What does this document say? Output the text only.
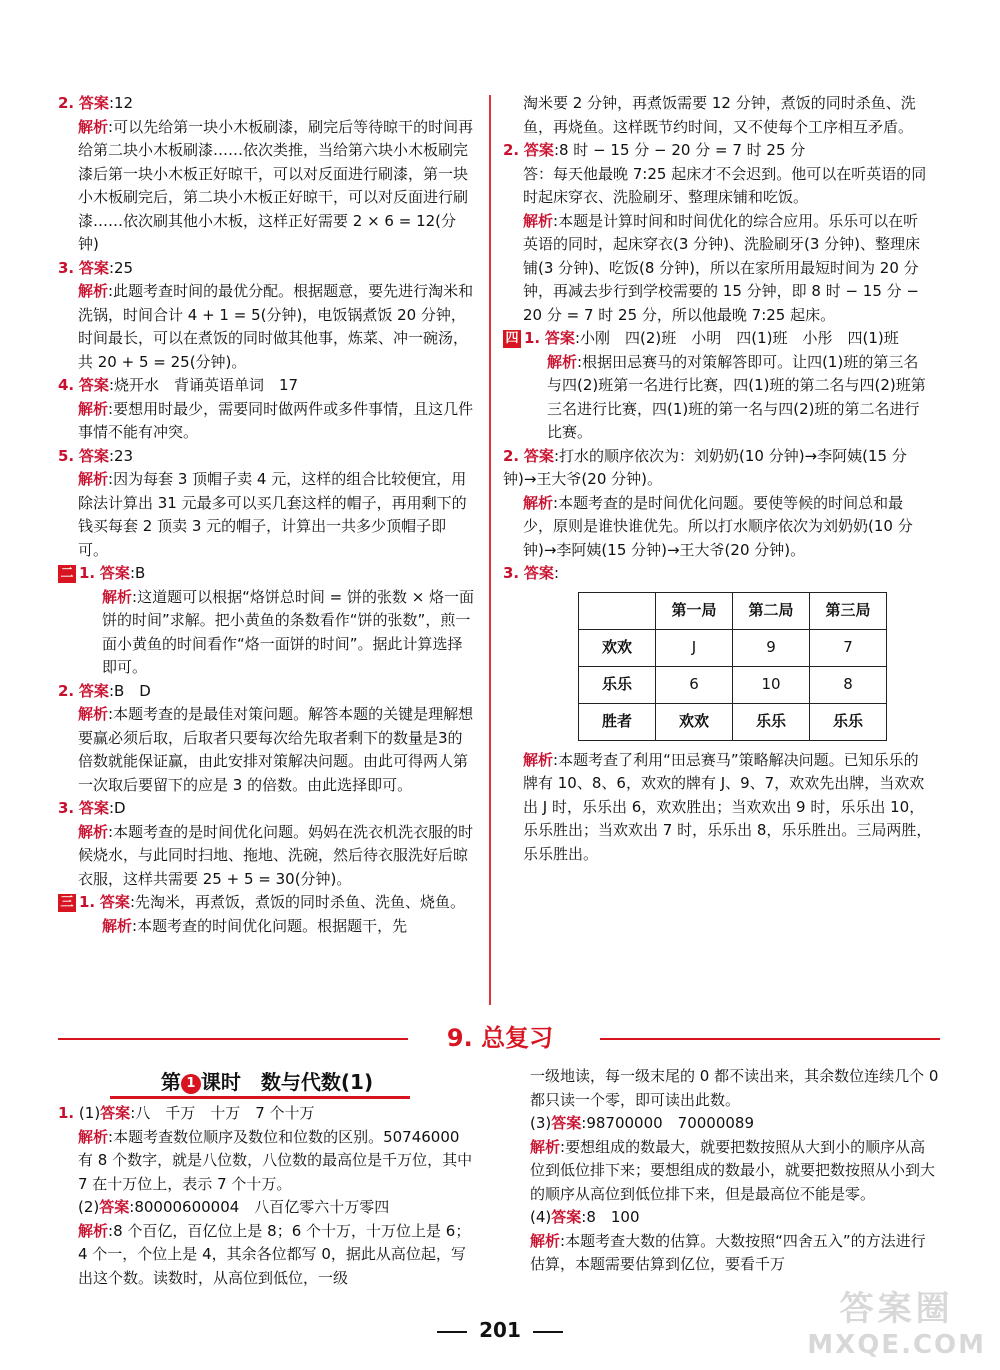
2. 答案:12
解析:可以先给第一块小木板刷漆，刷完后等待晾干的时间再给第二块小木板刷漆……依次类推，当给第六块小木板刷完漆后第一块小木板正好晾干，可以对反面进行刷漆，第一块小木板刷完后，第二块小木板正好晾干，可以对反面进行刷漆……依次刷其他小木板，这样正好需要 2 × 6 = 12(分钟)
3. 答案:25
解析:此题考查时间的最优分配。根据题意，要先进行淘米和洗锅，时间合计 4 + 1 = 5(分钟)，电饭锅煮饭 20 分钟，时间最长，可以在煮饭的同时做其他事，炼菜、冲一碗汤，共 20 + 5 = 25(分钟)。
4. 答案:烧开水　背诵英语单词　17
解析:要想用时最少，需要同时做两件或多件事情，且这几件事情不能有冲突。
5. 答案:23
解析:因为每套 3 顶帽子卖 4 元，这样的组合比较便宜，用除法计算出 31 元最多可以买几套这样的帽子，再用剩下的钱买每套 2 顶卖 3 元的帽子，计算出一共多少顶帽子即可。
二 1. 答案:B
解析:这道题可以根据“烙饼总时间 = 饼的张数 × 烙一面饼的时间”求解。把小黄鱼的条数看作“饼的张数”，煎一面小黄鱼的时间看作“烙一面饼的时间”。据此计算选择即可。
2. 答案:B　D
解析:本题考查的是最佳对策问题。解答本题的关键是理解想要赢必须后取，后取者只要每次给先取者剩下的数量是3的倍数就能保证赢，由此安排对策解决问题。由此可得两人第一次取后要留下的应是 3 的倍数。由此选择即可。
3. 答案:D
解析:本题考查的是时间优化问题。妈妈在洗衣机洗衣服的时候烧水，与此同时扫地、拖地、洗碗，然后待衣服洗好后晾衣服，这样共需要 25 + 5 = 30(分钟)。
三 1. 答案:先淘米，再煮饭，煮饭的同时杀鱼、洗鱼、烧鱼。
解析:本题考查的时间优化问题。根据题干，先
淘米要 2 分钟，再煮饭需要 12 分钟，煮饭的同时杀鱼、洗鱼，再烧鱼。这样既节约时间，又不使每个工序相互矛盾。
2. 答案:8 时 − 15 分 − 20 分 = 7 时 25 分
答：每天他最晚 7:25 起床才不会迟到。他可以在听英语的同时起床穿衣、洗脸刷牙、整理床铺和吃饭。
解析:本题是计算时间和时间优化的综合应用。乐乐可以在听英语的同时，起床穿衣(3 分钟)、洗脸刷牙(3 分钟)、整理床铺(3 分钟)、吃饭(8 分钟)，所以在家所用最短时间为 20 分钟，再减去步行到学校需要的 15 分钟，即 8 时 − 15 分 − 20 分 = 7 时 25 分，所以他最晚 7:25 起床。
四 1. 答案:小刚　四(2)班　小明　四(1)班　小彤　四(1)班
解析:根据田忌赛马的对策解答即可。让四(1)班的第三名与四(2)班第一名进行比赛，四(1)班的第二名与四(2)班第三名进行比赛，四(1)班的第一名与四(2)班的第二名进行比赛。
2. 答案:打水的顺序依次为：刘奶奶(10 分钟)→李阿姨(15 分钟)→王大爷(20 分钟)。
解析:本题考查的是时间优化问题。要使等候的时间总和最少，原则是谁快谁优先。所以打水顺序依次为刘奶奶(10 分钟)→李阿姨(15 分钟)→王大爷(20 分钟)。
3. 答案:
	第一局	第二局	第三局
欢欢	J	9	7
乐乐	6	10	8
胜者	欢欢	乐乐	乐乐
解析:本题考查了利用“田忌赛马”策略解决问题。已知乐乐的牌有 10、8、6，欢欢的牌有 J、9、7，欢欢先出牌，当欢欢出 J 时，乐乐出 6，欢欢胜出；当欢欢出 9 时，乐乐出 10，乐乐胜出；当欢欢出 7 时，乐乐出 8，乐乐胜出。三局两胜，乐乐胜出。
9. 总复习
第 1 课时　数与代数(1)
1. (1)答案:八　千万　十万　7 个十万
解析:本题考查数位顺序及数位和位数的区别。50746000 有 8 个数字，就是八位数，八位数的最高位是千万位，其中 7 在十万位上，表示 7 个十万。
(2)答案:80000600004　八百亿零六十万零四
解析:8 个百亿，百亿位上是 8；6 个十万，十万位上是 6；4 个一，个位上是 4，其余各位都写 0，据此从高位起，写出这个数。读数时，从高位到低位，一级
一级地读，每一级末尾的 0 都不读出来，其余数位连续几个 0 都只读一个零，即可读出此数。
(3)答案:98700000　70000089
解析:要想组成的数最大，就要把数按照从大到小的顺序从高位到低位排下来；要想组成的数最小，就要把数按照从小到大的顺序从高位到低位排下来，但是最高位不能是零。
(4)答案:8　100
解析:本题考查大数的估算。大数按照“四舍五入”的方法进行估算，本题需要估算到亿位，要看千万
201
答案圈
MXQE.COM
